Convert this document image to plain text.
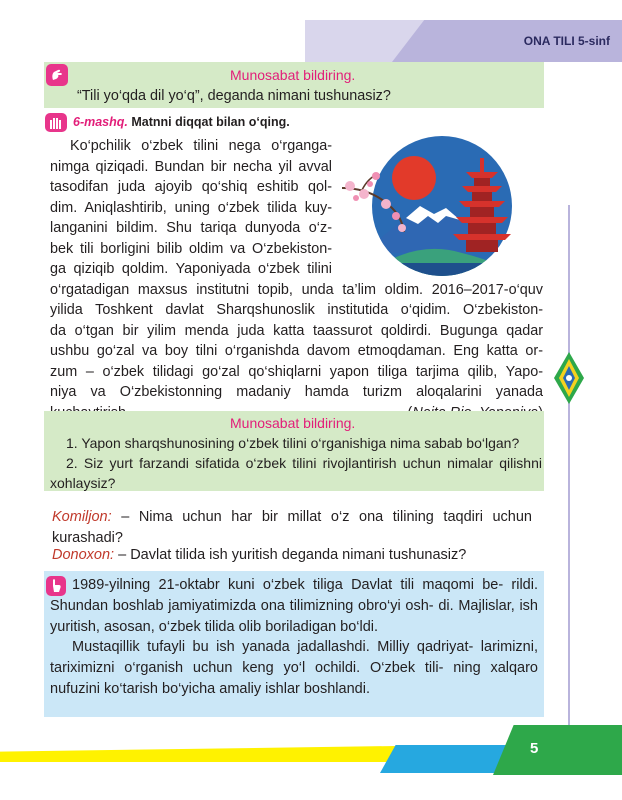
ONA TILI 5-sinf
Munosabat bildiring.
“Tili yo‘qda dil yo‘q”, deganda nimani tushunasiz?
6-mashq. Matnni diqqat bilan o‘qing.

Ko‘pchilik o‘zbek tilini nega o‘rganga-

nimga qiziqadi. Bundan bir necha yil avval

tasodifan juda ajoyib qo‘shiq eshitib qol-

dim. Aniqlashtirib, uning o‘zbek tilida kuy-

langanini bildim. Shu tariqa dunyoda o‘z-

bek tili borligini bilib oldim va O‘zbekiston-

ga qiziqib qoldim. Yaponiyada o‘zbek tilini

o‘rgatadigan maxsus institutni topib, unda ta’lim oldim. 2016–2017-o‘quv

yilida Toshkent davlat Sharqshunoslik institutida o‘qidim. O‘zbekiston-

da o‘tgan bir yilim menda juda katta taassurot qoldirdi. Bugunga qadar

ushbu go‘zal va boy tilni o‘rganishda davom etmoqdaman. Eng katta or-

zum – o‘zbek tilidagi go‘zal qo‘shiqlarni yapon tiliga tarjima qilib, Yapo-

niya va O‘zbekistonning madaniy hamda turizm aloqalarini yanada

Munosabat bildiring.
1. Yapon sharqshunosining o‘zbek tilini o‘rganishiga nima sabab bo‘lgan?
2. Siz yurt farzandi sifatida o‘zbek tilini rivojlantirish uchun nimalar qilishni xohlaysiz?
Komiljon: – Nima uchun har bir millat o‘z ona tilining taqdiri uchun kurashadi?
Donoxon: – Davlat tilida ish yuritish deganda nimani tushunasiz?

1989-yilning 21-oktabr kuni o‘zbek tiliga Davlat tili maqomi be- rildi. Shundan boshlab jamiyatimizda ona tilimizning obro‘yi osh- di. Majlislar, ish yuritish, asosan, o‘zbek tilida olib boriladigan bo‘ldi.

Mustaqillik tufayli bu ish yanada jadallashdi. Milliy qadriyat- larimizni, tariximizni o‘rganish uchun keng yo‘l ochildi. O‘zbek tili- ning xalqaro nufuzini ko‘tarish bo‘yicha amaliy ishlar boshlandi.

5
